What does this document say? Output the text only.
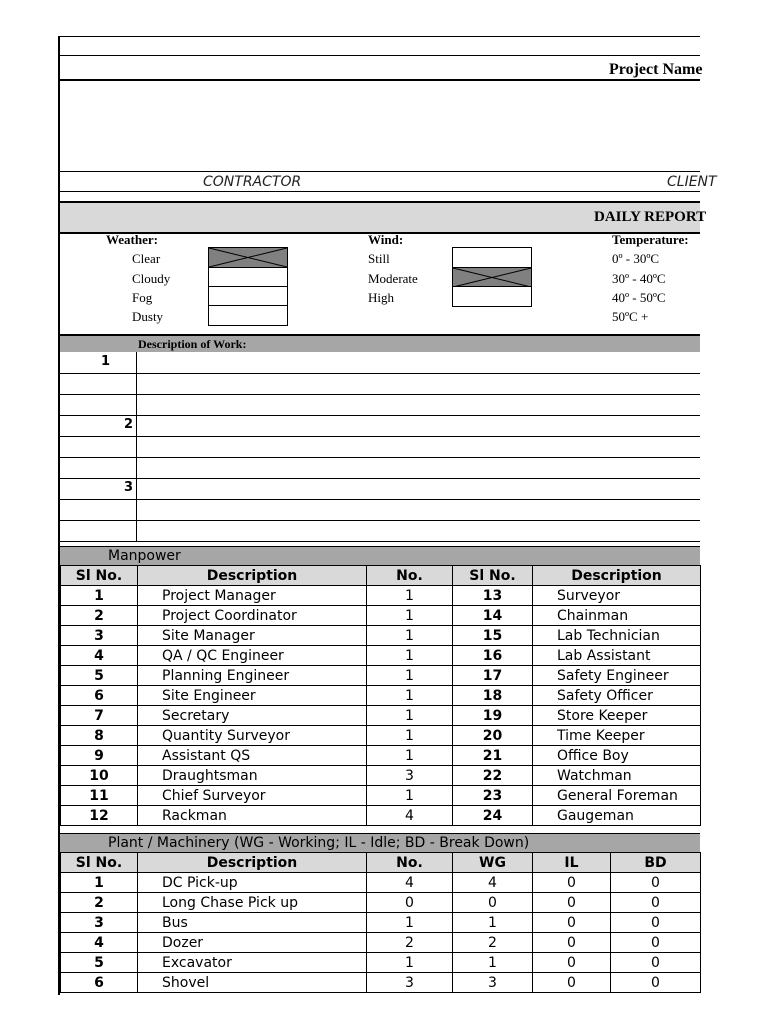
Project Name
CONTRACTOR	CLIENT
DAILY REPORT
Weather:
Clear
Cloudy
Fog
Dusty
Wind:
Still
Moderate
High
Temperature:
0º - 30ºC
30º - 40ºC
40º - 50ºC
50ºC +
Description of Work:
1
2
3
Manpower
Sl No.	Description	No.	Sl No.	Description
1	Project Manager	1	13	Surveyor
2	Project Coordinator	1	14	Chainman
3	Site Manager	1	15	Lab Technician
4	QA / QC Engineer	1	16	Lab Assistant
5	Planning Engineer	1	17	Safety Engineer
6	Site Engineer	1	18	Safety Officer
7	Secretary	1	19	Store Keeper
8	Quantity Surveyor	1	20	Time Keeper
9	Assistant QS	1	21	Office Boy
10	Draughtsman	3	22	Watchman
11	Chief Surveyor	1	23	General Foreman
12	Rackman	4	24	Gaugeman
Plant / Machinery (WG - Working; IL - Idle; BD - Break Down)
Sl No.	Description	No.	WG	IL	BD
1	DC Pick-up	4	4	0	0
2	Long Chase Pick up	0	0	0	0
3	Bus	1	1	0	0
4	Dozer	2	2	0	0
5	Excavator	1	1	0	0
6	Shovel	3	3	0	0
